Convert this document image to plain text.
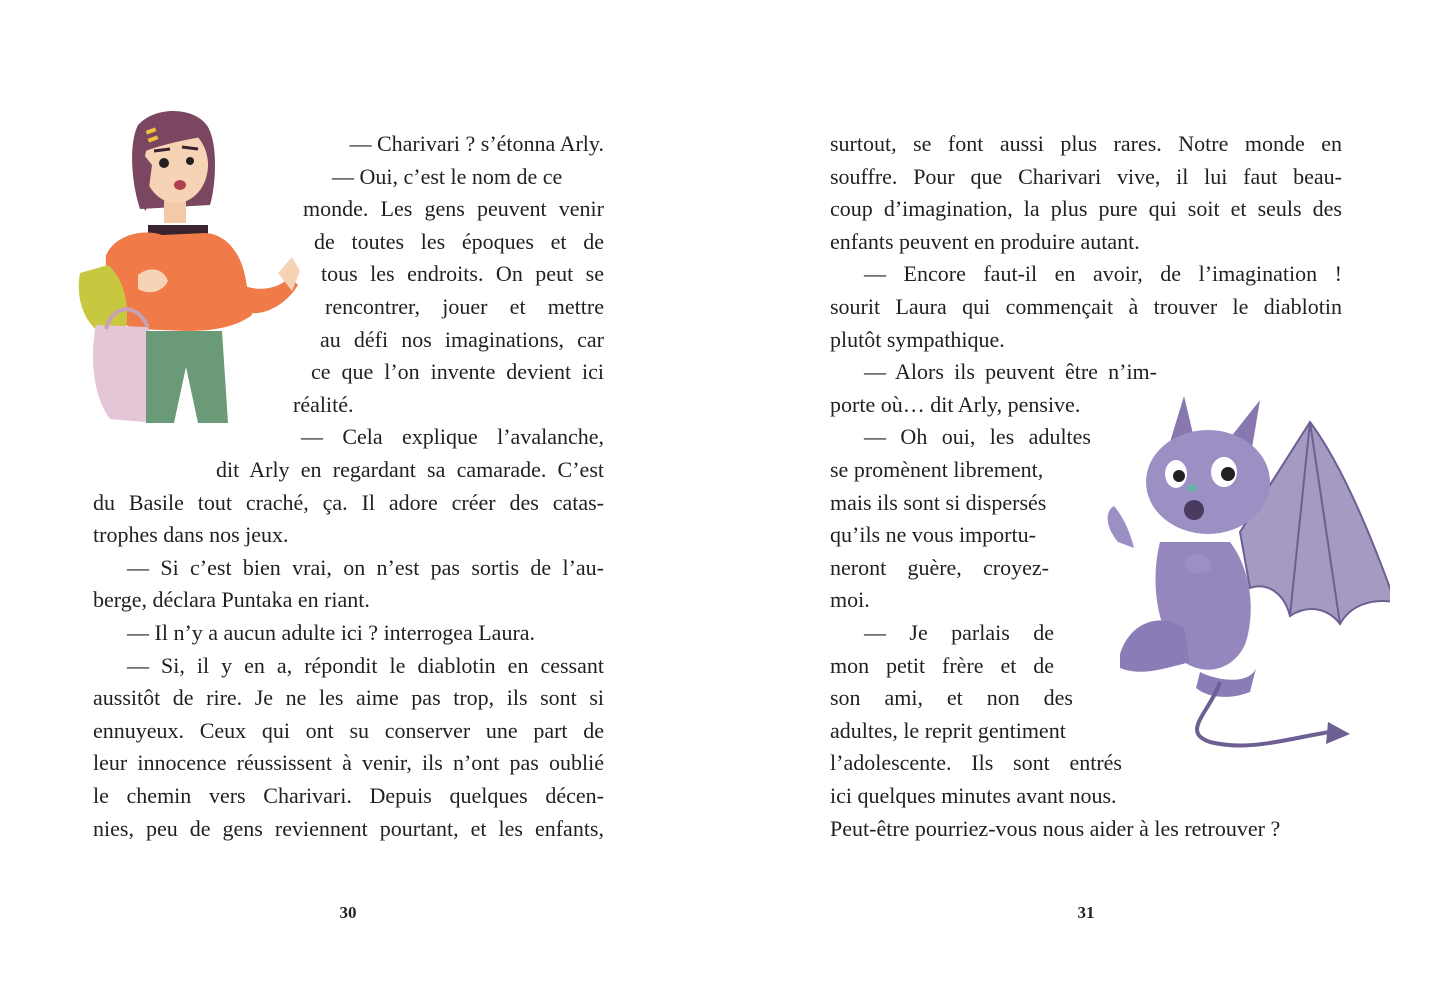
— Charivari ? s’étonna Arly.
— Oui, c’est le nom de ce
monde. Les gens peuvent venir
de toutes les époques et de
tous les endroits. On peut se
rencontrer, jouer et mettre
au défi nos imaginations, car
ce que l’on invente devient ici
réalité.
— Cela explique l’avalanche,
dit Arly en regardant sa camarade. C’est
du Basile tout craché, ça. Il adore créer des catas-
trophes dans nos jeux.
— Si c’est bien vrai, on n’est pas sortis de l’au-
berge, déclara Puntaka en riant.
— Il n’y a aucun adulte ici ? interrogea Laura.
— Si, il y en a, répondit le diablotin en cessant
aussitôt de rire. Je ne les aime pas trop, ils sont si
ennuyeux. Ceux qui ont su conserver une part de
leur innocence réussissent à venir, ils n’ont pas oublié
le chemin vers Charivari. Depuis quelques décen-
nies, peu de gens reviennent pourtant, et les enfants,
30
surtout, se font aussi plus rares. Notre monde en
souffre. Pour que Charivari vive, il lui faut beau-
coup d’imagination, la plus pure qui soit et seuls des
enfants peuvent en produire autant.
— Encore faut-il en avoir, de l’imagination !
sourit Laura qui commençait à trouver le diablotin
plutôt sympathique.
— Alors ils peuvent être n’im-
porte où… dit Arly, pensive.
— Oh oui, les adultes
se promènent librement,
mais ils sont si dispersés
qu’ils ne vous importu-
neront guère, croyez-
moi.
— Je parlais de
mon petit frère et de
son ami, et non des
adultes, le reprit gentiment
l’adolescente. Ils sont entrés
ici quelques minutes avant nous.
Peut-être pourriez-vous nous aider à les retrouver ?
31
